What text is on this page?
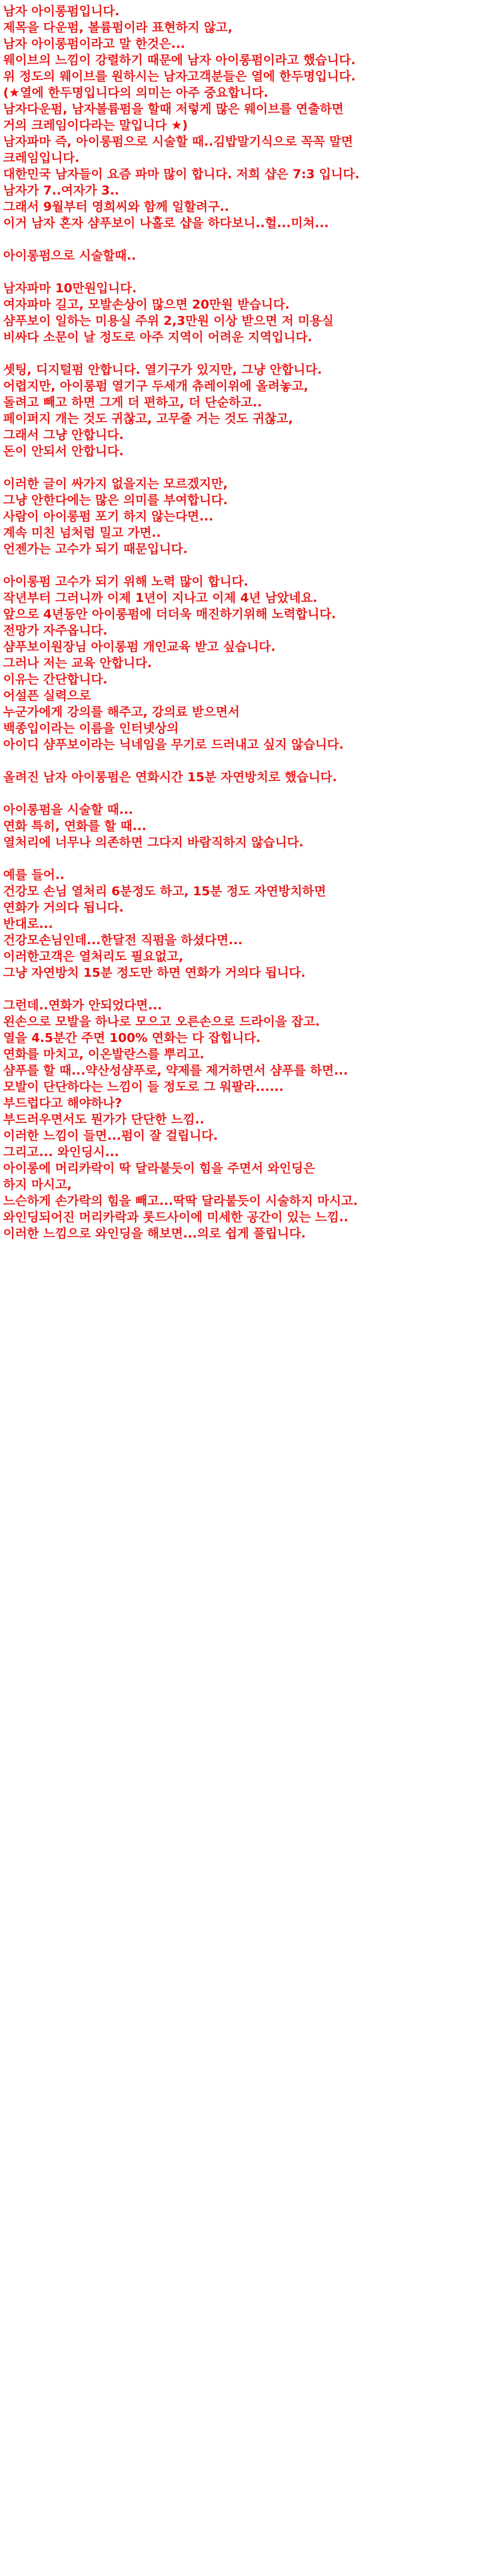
남자 아이롱펌입니다.
제목을 다운펌, 볼륨펌이라 표현하지 않고,
남자 아이롱펌이라고 말 한것은...
웨이브의 느낌이 강렬하기 때문에 남자 아이롱펌이라고 했습니다.
위 정도의 웨이브를 원하시는 남자고객분들은 열에 한두명입니다.
(★열에 한두명입니다의 의미는 아주 중요합니다.
남자다운펌, 남자볼륨펌을 할때 저렇게 많은 웨이브를 연출하면
거의 크레임이다라는 말입니다 ★)
남자파마 즉, 아이롱펌으로 시술할 때..김밥말기식으로 꼭꼭 말면
크레임입니다.
대한민국 남자들이 요즘 파마 많이 합니다. 저희 샵은 7:3 입니다.
남자가 7..여자가 3..
그래서 9월부터 영희씨와 함께 일할려구..
이거 남자 혼자 샴푸보이 나홀로 샵을 하다보니..헐...미쳐...
아이롱펌으로 시술할때..
남자파마 10만원입니다.
여자파마 길고, 모발손상이 많으면 20만원 받습니다.
샴푸보이 일하는 미용실 주위 2,3만원 이상 받으면 저 미용실
비싸다 소문이 날 정도로 아주 지역이 어려운 지역입니다.
셋팅, 디지털펌 안합니다. 열기구가 있지만, 그냥 안합니다.
어렵지만, 아이롱펌 열기구 두세개 츄레이위에 올려놓고,
돌려고 빼고 하면 그게 더 편하고, 더 단순하고..
페이퍼지 개는 것도 귀찮고, 고무줄 거는 것도 귀찮고,
그래서 그냥 안합니다.
돈이 안되서 안합니다.
이러한 글이 싸가지 없을지는 모르겠지만,
그냥 안한다에는 많은 의미를 부여합니다.
사람이 아이롱펌 포기 하지 않는다면...
계속 미친 넘처럼 밀고 가면..
언젠가는 고수가 되기 때문입니다.
아이롱펌 고수가 되기 위해 노력 많이 합니다.
작년부터 그러니까 이제 1년이 지나고 이제 4년 남았네요.
앞으로 4년동안 아이롱펌에 더더욱 매진하기위해 노력합니다.
전망가 자주옵니다.
샴푸보이원장님 아이롱펌 개인교육 받고 싶습니다.
그러나 저는 교육 안합니다.
이유는 간단합니다.
어설픈 실력으로
누군가에게 강의를 해주고, 강의료 받으면서
백종입이라는 이름을 인터넷상의
아이디 샴푸보이라는 닉네임을 무기로 드러내고 싶지 않습니다.
올려진 남자 아이롱펌은 연화시간 15분 자연방치로 했습니다.
아이롱펌을 시술할 때...
연화 특히, 연화를 할 때...
열처리에 너무나 의존하면 그다지 바람직하지 않습니다.
예를 들어..
건강모 손님 열처리 6분정도 하고, 15분 정도 자연방치하면
연화가 거의다 됩니다.
반대로...
건강모손님인데...한달전 직펌을 하셨다면...
이러한고객은 열처리도 필요없고,
그냥 자연방치 15분 정도만 하면 연화가 거의다 됩니다.
그런데..연화가 안되었다면...
왼손으로 모발을 하나로 모으고 오른손으로 드라이을 잡고.
열을 4.5분간 주면 100% 연화는 다 잡힙니다.
연화를 마치고, 이온발란스를 뿌리고.
샴푸를 할 때...약산성샴푸로, 약제를 제거하면서 샴푸를 하면...
모발이 단단하다는 느낌이 들 정도로 그 워팔라......
부드럽다고 해야하나?
부드러우면서도 뭔가가 단단한 느낌..
이러한 느낌이 들면...펌이 잘 걸립니다.
그리고... 와인딩시...
아이롱에 머리카락이 딱 달라붙듯이 힘을 주면서 와인딩은
하지 마시고,
느슨하게 손가락의 힘을 빼고...딱딱 달라붙듯이 시술하지 마시고.
와인딩되어진 머리카락과 롯드사이에 미세한 공간이 있는 느낌..
이러한 느낌으로 와인딩을 해보면...의로 쉽게 풀립니다.
